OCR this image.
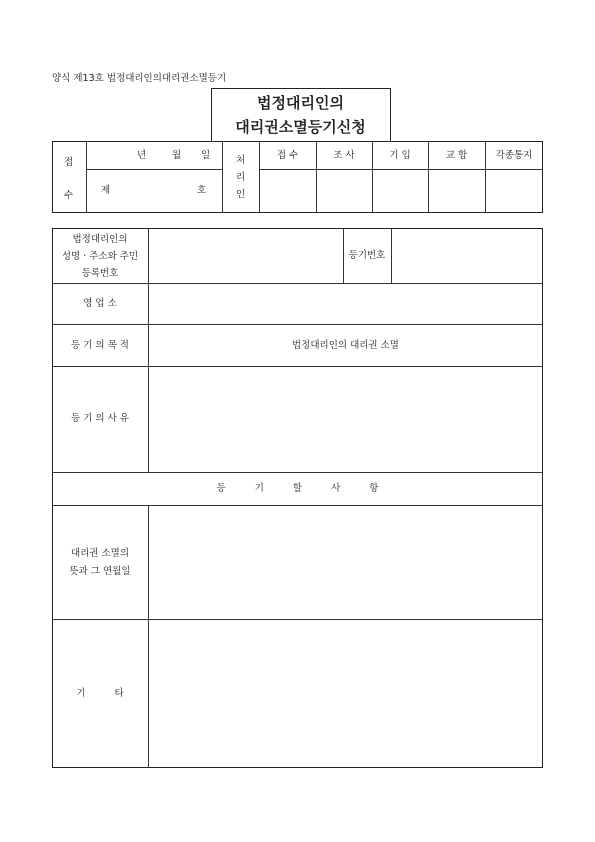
양식 제13호 법정대리인의대리권소멸등기
법정대리인의
대리권소멸등기신청
접
수
년	월 일
제	호
처
리
인
접 수	조 사	기 입	교 합	각종통지
법정대리인의
성명 · 주소와 주민
등록번호
등기번호
영 업 소
등 기 의 목 적	법정대리인의 대리권 소멸
등 기 의 사 유
등 기 할 사 항
대리권 소멸의
뜻과 그 연월일
기 타
